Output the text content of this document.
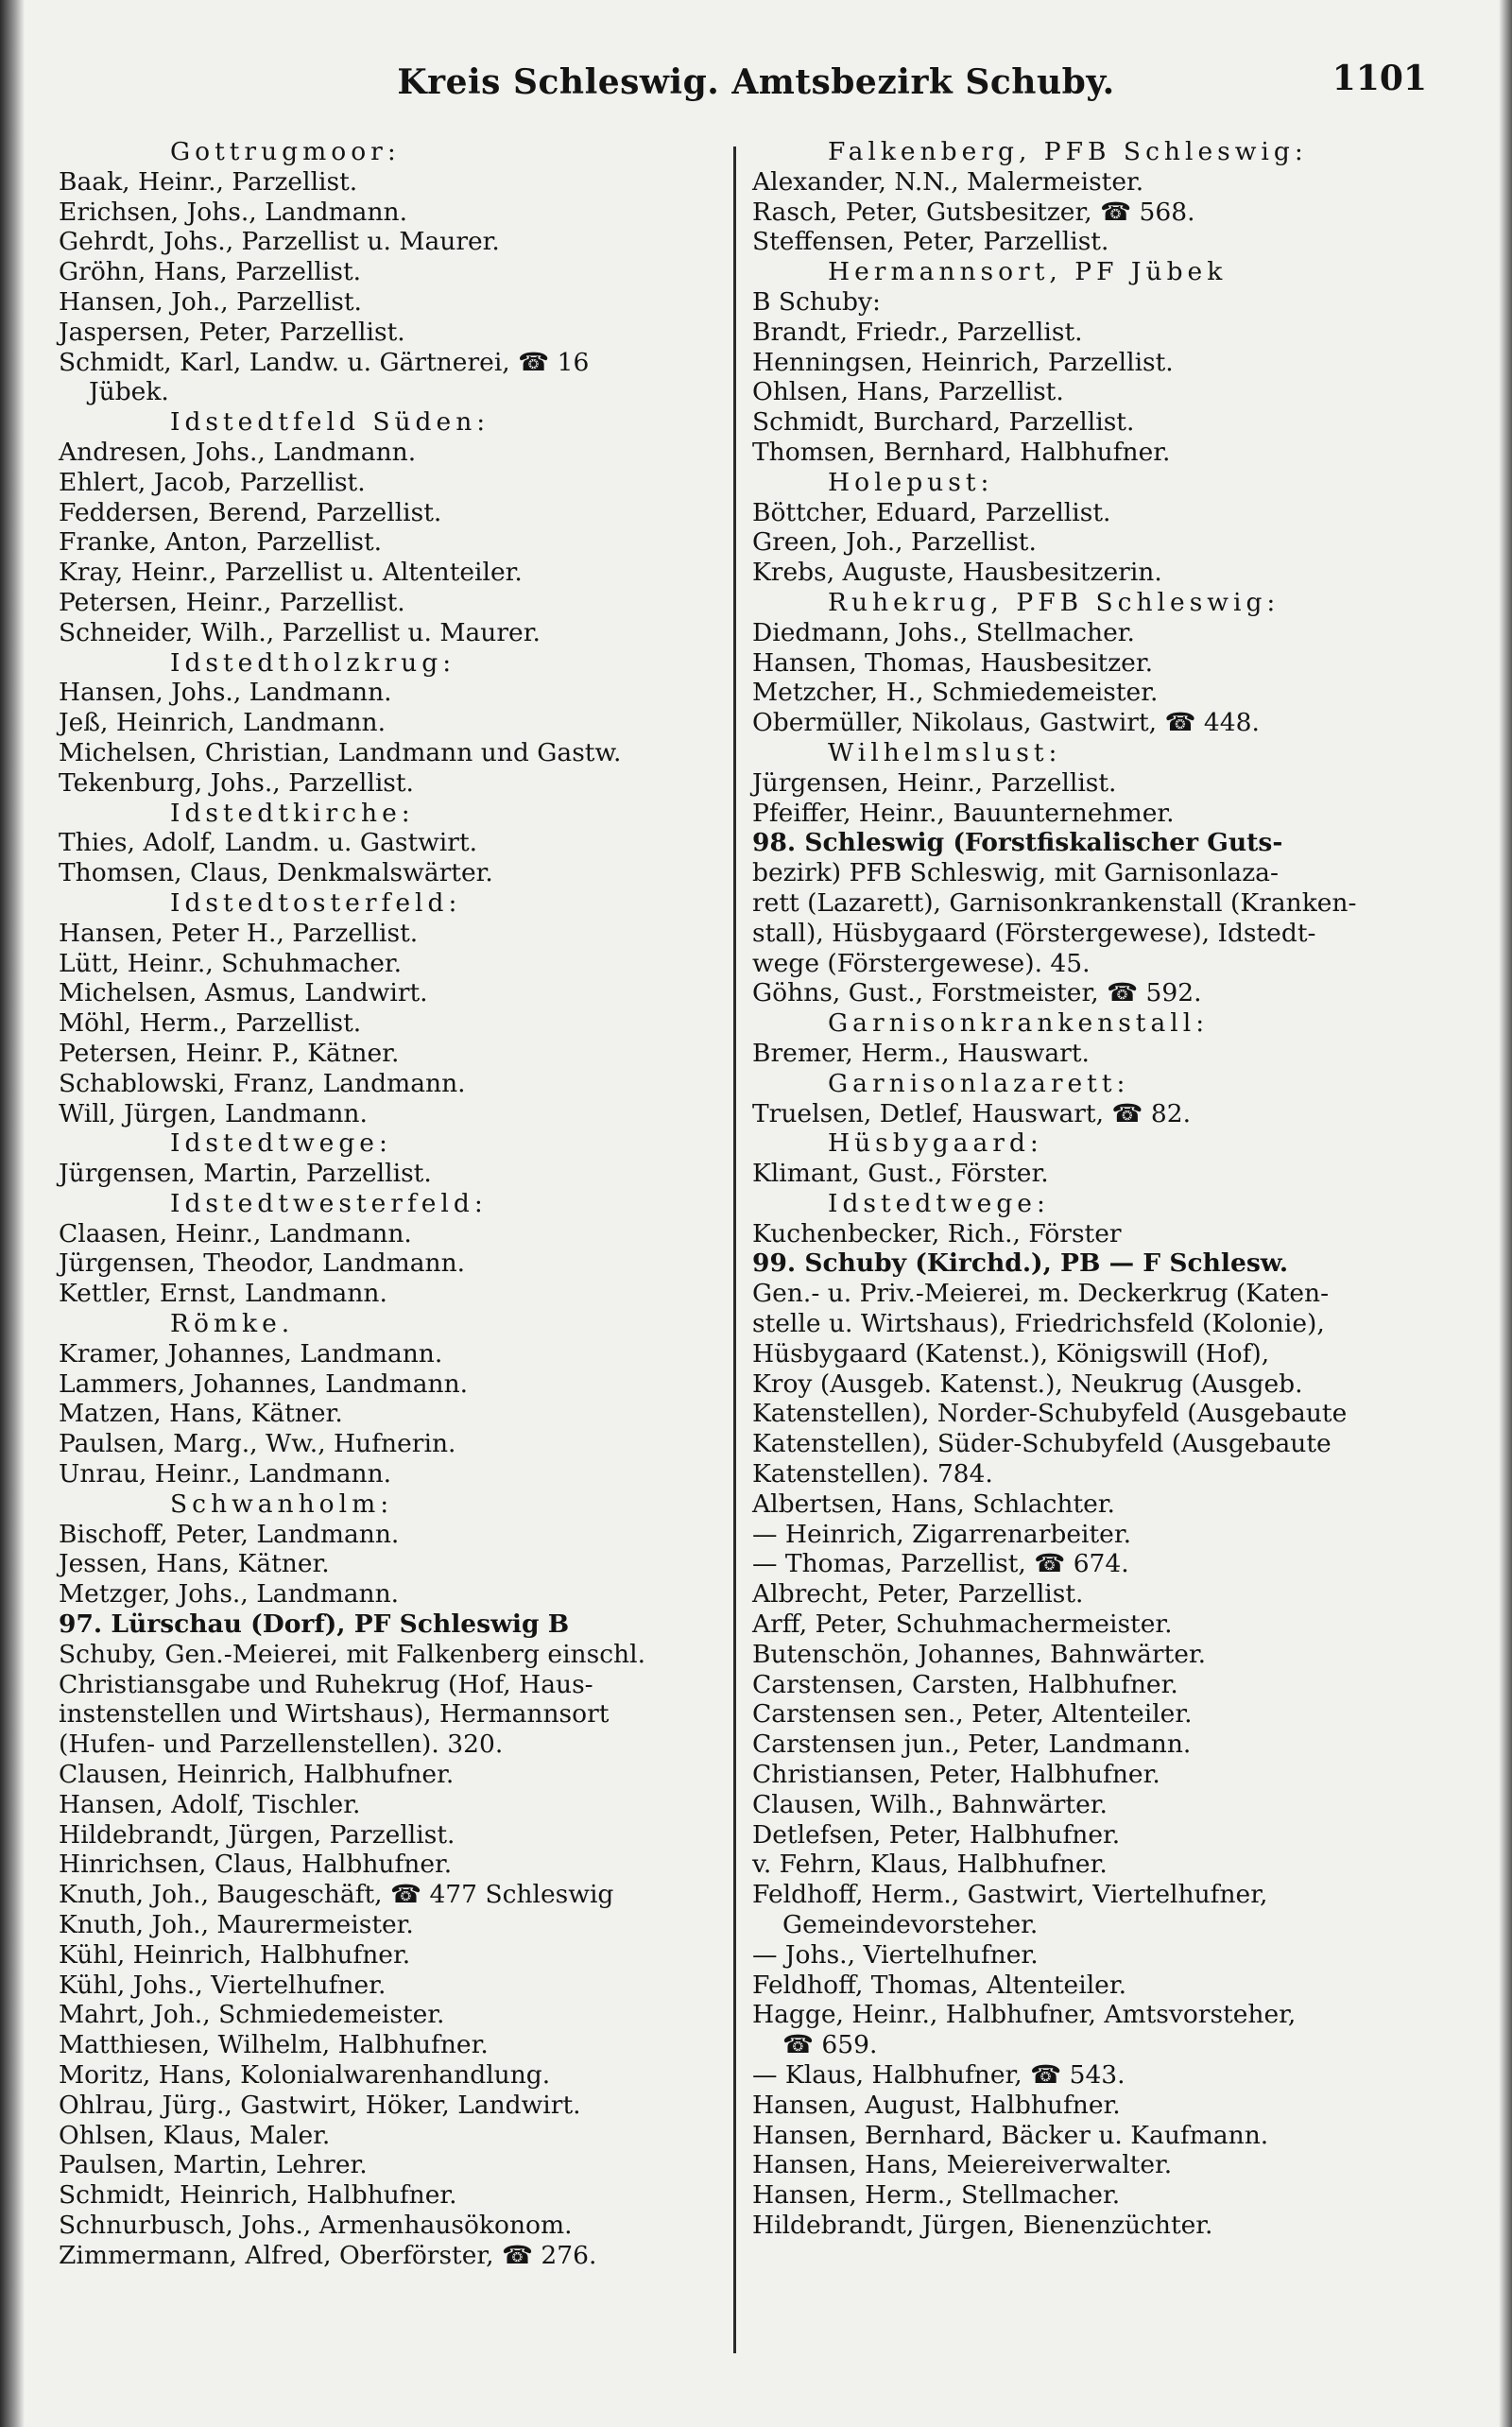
Kreis Schleswig. Amtsbezirk Schuby.	1101
Gottrugmoor:
Baak, Heinr., Parzellist.
Erichsen, Johs., Landmann.
Gehrdt, Johs., Parzellist u. Maurer.
Gröhn, Hans, Parzellist.
Hansen, Joh., Parzellist.
Jaspersen, Peter, Parzellist.
Schmidt, Karl, Landw. u. Gärtnerei, ☎ 16
Jübek.
Idstedtfeld Süden:
Andresen, Johs., Landmann.
Ehlert, Jacob, Parzellist.
Feddersen, Berend, Parzellist.
Franke, Anton, Parzellist.
Kray, Heinr., Parzellist u. Altenteiler.
Petersen, Heinr., Parzellist.
Schneider, Wilh., Parzellist u. Maurer.
Idstedtholzkrug:
Hansen, Johs., Landmann.
Jeß, Heinrich, Landmann.
Michelsen, Christian, Landmann und Gastw.
Tekenburg, Johs., Parzellist.
Idstedtkirche:
Thies, Adolf, Landm. u. Gastwirt.
Thomsen, Claus, Denkmalswärter.
Idstedtosterfeld:
Hansen, Peter H., Parzellist.
Lütt, Heinr., Schuhmacher.
Michelsen, Asmus, Landwirt.
Möhl, Herm., Parzellist.
Petersen, Heinr. P., Kätner.
Schablowski, Franz, Landmann.
Will, Jürgen, Landmann.
Idstedtwege:
Jürgensen, Martin, Parzellist.
Idstedtwesterfeld:
Claasen, Heinr., Landmann.
Jürgensen, Theodor, Landmann.
Kettler, Ernst, Landmann.
Römke.
Kramer, Johannes, Landmann.
Lammers, Johannes, Landmann.
Matzen, Hans, Kätner.
Paulsen, Marg., Ww., Hufnerin.
Unrau, Heinr., Landmann.
Schwanholm:
Bischoff, Peter, Landmann.
Jessen, Hans, Kätner.
Metzger, Johs., Landmann.
97. Lürschau (Dorf), PF Schleswig B
Schuby, Gen.-Meierei, mit Falkenberg einschl.
Christiansgabe und Ruhekrug (Hof, Haus-
instenstellen und Wirtshaus), Hermannsort
(Hufen- und Parzellenstellen). 320.
Clausen, Heinrich, Halbhufner.
Hansen, Adolf, Tischler.
Hildebrandt, Jürgen, Parzellist.
Hinrichsen, Claus, Halbhufner.
Knuth, Joh., Baugeschäft, ☎ 477 Schleswig
Knuth, Joh., Maurermeister.
Kühl, Heinrich, Halbhufner.
Kühl, Johs., Viertelhufner.
Mahrt, Joh., Schmiedemeister.
Matthiesen, Wilhelm, Halbhufner.
Moritz, Hans, Kolonialwarenhandlung.
Ohlrau, Jürg., Gastwirt, Höker, Landwirt.
Ohlsen, Klaus, Maler.
Paulsen, Martin, Lehrer.
Schmidt, Heinrich, Halbhufner.
Schnurbusch, Johs., Armenhausökonom.
Zimmermann, Alfred, Oberförster, ☎ 276.
Falkenberg, PFB Schleswig:
Alexander, N.N., Malermeister.
Rasch, Peter, Gutsbesitzer, ☎ 568.
Steffensen, Peter, Parzellist.
Hermannsort, PF Jübek
B Schuby:
Brandt, Friedr., Parzellist.
Henningsen, Heinrich, Parzellist.
Ohlsen, Hans, Parzellist.
Schmidt, Burchard, Parzellist.
Thomsen, Bernhard, Halbhufner.
Holepust:
Böttcher, Eduard, Parzellist.
Green, Joh., Parzellist.
Krebs, Auguste, Hausbesitzerin.
Ruhekrug, PFB Schleswig:
Diedmann, Johs., Stellmacher.
Hansen, Thomas, Hausbesitzer.
Metzcher, H., Schmiedemeister.
Obermüller, Nikolaus, Gastwirt, ☎ 448.
Wilhelmslust:
Jürgensen, Heinr., Parzellist.
Pfeiffer, Heinr., Bauunternehmer.
98. Schleswig (Forstfiskalischer Guts-
bezirk) PFB Schleswig, mit Garnisonlaza-
rett (Lazarett), Garnisonkrankenstall (Kranken-
stall), Hüsbygaard (Förstergewese), Idstedt-
wege (Förstergewese). 45.
Göhns, Gust., Forstmeister, ☎ 592.
Garnisonkrankenstall:
Bremer, Herm., Hauswart.
Garnisonlazarett:
Truelsen, Detlef, Hauswart, ☎ 82.
Hüsbygaard:
Klimant, Gust., Förster.
Idstedtwege:
Kuchenbecker, Rich., Förster
99. Schuby (Kirchd.), PB — F Schlesw.
Gen.- u. Priv.-Meierei, m. Deckerkrug (Katen-
stelle u. Wirtshaus), Friedrichsfeld (Kolonie),
Hüsbygaard (Katenst.), Königswill (Hof),
Kroy (Ausgeb. Katenst.), Neukrug (Ausgeb.
Katenstellen), Norder-Schubyfeld (Ausgebaute
Katenstellen), Süder-Schubyfeld (Ausgebaute
Katenstellen). 784.
Albertsen, Hans, Schlachter.
— Heinrich, Zigarrenarbeiter.
— Thomas, Parzellist, ☎ 674.
Albrecht, Peter, Parzellist.
Arff, Peter, Schuhmachermeister.
Butenschön, Johannes, Bahnwärter.
Carstensen, Carsten, Halbhufner.
Carstensen sen., Peter, Altenteiler.
Carstensen jun., Peter, Landmann.
Christiansen, Peter, Halbhufner.
Clausen, Wilh., Bahnwärter.
Detlefsen, Peter, Halbhufner.
v. Fehrn, Klaus, Halbhufner.
Feldhoff, Herm., Gastwirt, Viertelhufner,
Gemeindevorsteher.
— Johs., Viertelhufner.
Feldhoff, Thomas, Altenteiler.
Hagge, Heinr., Halbhufner, Amtsvorsteher,
☎ 659.
— Klaus, Halbhufner, ☎ 543.
Hansen, August, Halbhufner.
Hansen, Bernhard, Bäcker u. Kaufmann.
Hansen, Hans, Meiereiverwalter.
Hansen, Herm., Stellmacher.
Hildebrandt, Jürgen, Bienenzüchter.
